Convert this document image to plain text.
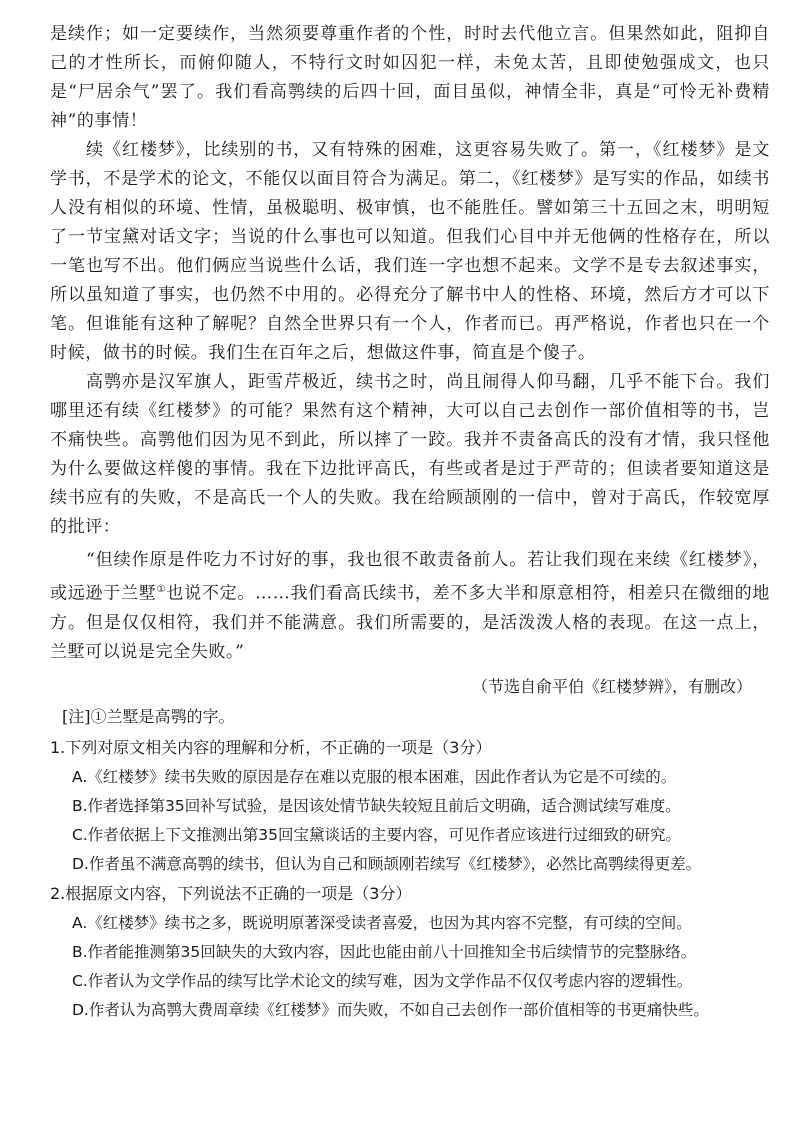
是续作；如一定要续作，当然须要尊重作者的个性，时时去代他立言。但果然如此，阻抑自己的才性所长，而俯仰随人，不特行文时如囚犯一样，未免太苦，且即使勉强成文，也只是“尸居余气”罢了。我们看高鹗续的后四十回，面目虽似，神情全非，真是“可怜无补费精神”的事情！

续《红楼梦》，比续别的书，又有特殊的困难，这更容易失败了。第一，《红楼梦》是文学书，不是学术的论文，不能仅以面目符合为满足。第二，《红楼梦》是写实的作品，如续书人没有相似的环境、性情，虽极聪明、极审慎，也不能胜任。譬如第三十五回之末，明明短了一节宝黛对话文字；当说的什么事也可以知道。但我们心目中并无他俩的性格存在，所以一笔也写不出。他们俩应当说些什么话，我们连一字也想不起来。文学不是专去叙述事实，所以虽知道了事实，也仍然不中用的。必得充分了解书中人的性格、环境，然后方才可以下笔。但谁能有这种了解呢？自然全世界只有一个人，作者而已。再严格说，作者也只在一个时候，做书的时候。我们生在百年之后，想做这件事，简直是个傻子。

高鹗亦是汉军旗人，距雪芹极近，续书之时，尚且闹得人仰马翻，几乎不能下台。我们哪里还有续《红楼梦》的可能？果然有这个精神，大可以自己去创作一部价值相等的书，岂不痛快些。高鹗他们因为见不到此，所以摔了一跤。我并不责备高氏的没有才情，我只怪他为什么要做这样傻的事情。我在下边批评高氏，有些或者是过于严苛的；但读者要知道这是续书应有的失败，不是高氏一个人的失败。我在给顾颉刚的一信中，曾对于高氏，作较宽厚的批评：

“但续作原是件吃力不讨好的事，我也很不敢责备前人。若让我们现在来续《红楼梦》，或远逊于兰墅①也说不定。……我们看高氏续书，差不多大半和原意相符，相差只在微细的地方。但是仅仅相符，我们并不能满意。我们所需要的，是活泼泼人格的表现。在这一点上，兰墅可以说是完全失败。”

（节选自俞平伯《红楼梦辨》，有删改）

[注]①兰墅是高鹗的字。

1.下列对原文相关内容的理解和分析，不正确的一项是（3分）

A.《红楼梦》续书失败的原因是存在难以克服的根本困难，因此作者认为它是不可续的。

B.作者选择第35回补写试验，是因该处情节缺失较短且前后文明确，适合测试续写难度。

C.作者依据上下文推测出第35回宝黛谈话的主要内容，可见作者应该进行过细致的研究。

D.作者虽不满意高鹗的续书，但认为自己和顾颉刚若续写《红楼梦》，必然比高鹗续得更差。

2.根据原文内容，下列说法不正确的一项是（3分）

A.《红楼梦》续书之多，既说明原著深受读者喜爱，也因为其内容不完整，有可续的空间。

B.作者能推测第35回缺失的大致内容，因此也能由前八十回推知全书后续情节的完整脉络。

C.作者认为文学作品的续写比学术论文的续写难，因为文学作品不仅仅考虑内容的逻辑性。

D.作者认为高鹗大费周章续《红楼梦》而失败，不如自己去创作一部价值相等的书更痛快些。
